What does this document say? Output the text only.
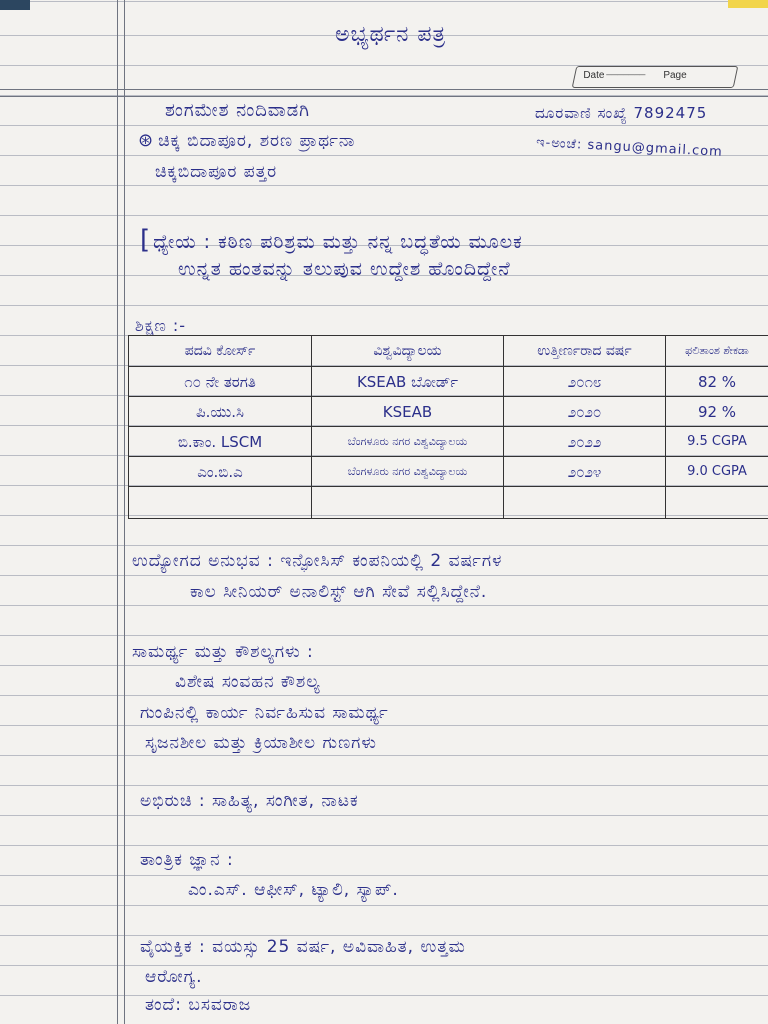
ಅಭ್ಯರ್ಥನ ಪತ್ರ
Date _______ Page
ಶಂಗಮೇಶ ನಂದಿವಾಡಗಿ	ದೂರವಾಣಿ ಸಂಖ್ಯೆ 7892475
⊛ ಚಿಕ್ಕ ಬಿದಾಪೂರ, ಶರಣ ಪ್ರಾರ್ಥನಾ	ಇ-ಅಂಚೆ: sangu@gmail.com
ಚಿಕ್ಕಬಿದಾಪೂರ ಪತ್ತರ
[ ಧ್ಯೇಯ : ಕಠಿಣ ಪರಿಶ್ರಮ ಮತ್ತು ನನ್ನ ಬದ್ಧತೆಯ ಮೂಲಕ
ಉನ್ನತ ಹಂತವನ್ನು ತಲುಪುವ ಉದ್ದೇಶ ಹೊಂದಿದ್ದೇನೆ
ಶಿಕ್ಷಣ :-
ಪದವಿ ಕೋರ್ಸ್	ವಿಶ್ವವಿದ್ಯಾಲಯ	ಉತ್ತೀರ್ಣರಾದ ವರ್ಷ	ಫಲಿತಾಂಶ ಶೇಕಡಾ
೧೦ ನೇ ತರಗತಿ	KSEAB ಬೋರ್ಡ್	೨೦೧೮	82 %
ಪಿ.ಯು.ಸಿ	KSEAB	೨೦೨೦	92 %
ಬಿ.ಕಾಂ. LSCM	ಬೆಂಗಳೂರು ನಗರ ವಿಶ್ವವಿದ್ಯಾಲಯ	೨೦೨೨	9.5 CGPA
ಎಂ.ಬಿ.ಎ	ಬೆಂಗಳೂರು ನಗರ ವಿಶ್ವವಿದ್ಯಾಲಯ	೨೦೨೪	9.0 CGPA

ಉದ್ಯೋಗದ ಅನುಭವ : ಇನ್ಫೋಸಿಸ್ ಕಂಪನಿಯಲ್ಲಿ 2 ವರ್ಷಗಳ
ಕಾಲ ಸೀನಿಯರ್ ಅನಾಲಿಸ್ಟ್ ಆಗಿ ಸೇವೆ ಸಲ್ಲಿಸಿದ್ದೇನೆ.
ಸಾಮರ್ಥ್ಯ ಮತ್ತು ಕೌಶಲ್ಯಗಳು :
ವಿಶೇಷ ಸಂವಹನ ಕೌಶಲ್ಯ
ಗುಂಪಿನಲ್ಲಿ ಕಾರ್ಯ ನಿರ್ವಹಿಸುವ ಸಾಮರ್ಥ್ಯ
ಸೃಜನಶೀಲ ಮತ್ತು ಕ್ರಿಯಾಶೀಲ ಗುಣಗಳು
ಅಭಿರುಚಿ : ಸಾಹಿತ್ಯ, ಸಂಗೀತ, ನಾಟಕ
ತಾಂತ್ರಿಕ ಜ್ಞಾನ :
ಎಂ.ಎಸ್. ಆಫೀಸ್, ಟ್ಯಾಲಿ, ಸ್ಯಾಪ್.
ವೈಯಕ್ತಿಕ : ವಯಸ್ಸು 25 ವರ್ಷ, ಅವಿವಾಹಿತ, ಉತ್ತಮ
ಆರೋಗ್ಯ.
ತಂದೆ: ಬಸವರಾಜ
